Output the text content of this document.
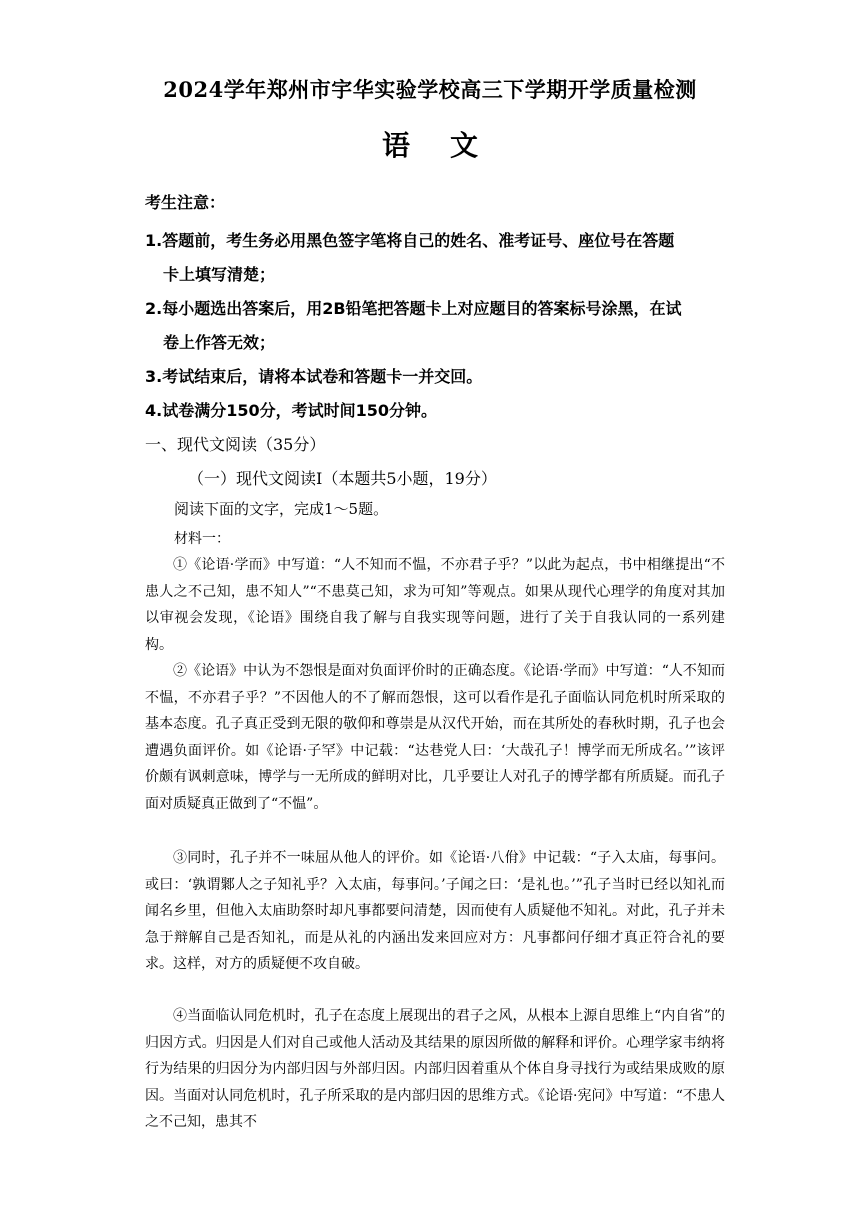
2024学年郑州市宇华实验学校高三下学期开学质量检测
语文
考生注意：
1.答题前，考生务必用黑色签字笔将自己的姓名、准考证号、座位号在答题
卡上填写清楚；
2.每小题选出答案后，用2B铅笔把答题卡上对应题目的答案标号涂黑，在试
卷上作答无效；
3.考试结束后，请将本试卷和答题卡一并交回。
4.试卷满分150分，考试时间150分钟。
一、现代文阅读（35分）
（一）现代文阅读Ⅰ（本题共5小题，19分）
阅读下面的文字，完成1～5题。
材料一：

①《论语·学而》中写道：“人不知而不愠，不亦君子乎？”以此为起点，书中相继提出“不患人之不己知，患不知人”“不患莫己知，求为可知”等观点。如果从现代心理学的角度对其加以审视会发现，《论语》围绕自我了解与自我实现等问题，进行了关于自我认同的一系列建构。

②《论语》中认为不怨恨是面对负面评价时的正确态度。《论语·学而》中写道：“人不知而不愠，不亦君子乎？”不因他人的不了解而怨恨，这可以看作是孔子面临认同危机时所采取的基本态度。孔子真正受到无限的敬仰和尊崇是从汉代开始，而在其所处的春秋时期，孔子也会遭遇负面评价。如《论语·子罕》中记载：“达巷党人曰：‘大哉孔子！博学而无所成名。’”该评价颇有讽刺意味，博学与一无所成的鲜明对比，几乎要让人对孔子的博学都有所质疑。而孔子面对质疑真正做到了“不愠”。

③同时，孔子并不一味屈从他人的评价。如《论语·八佾》中记载：“子入太庙，每事问。或曰：‘孰谓鄹人之子知礼乎？入太庙，每事问。’子闻之曰：‘是礼也。’”孔子当时已经以知礼而闻名乡里，但他入太庙助祭时却凡事都要问清楚，因而使有人质疑他不知礼。对此，孔子并未急于辩解自己是否知礼，而是从礼的内涵出发来回应对方：凡事都问仔细才真正符合礼的要求。这样，对方的质疑便不攻自破。

④当面临认同危机时，孔子在态度上展现出的君子之风，从根本上源自思维上“内自省”的归因方式。归因是人们对自己或他人活动及其结果的原因所做的解释和评价。心理学家韦纳将行为结果的归因分为内部归因与外部归因。内部归因着重从个体自身寻找行为或结果成败的原因。当面对认同危机时，孔子所采取的是内部归因的思维方式。《论语·宪问》中写道：“不患人之不己知，患其不
